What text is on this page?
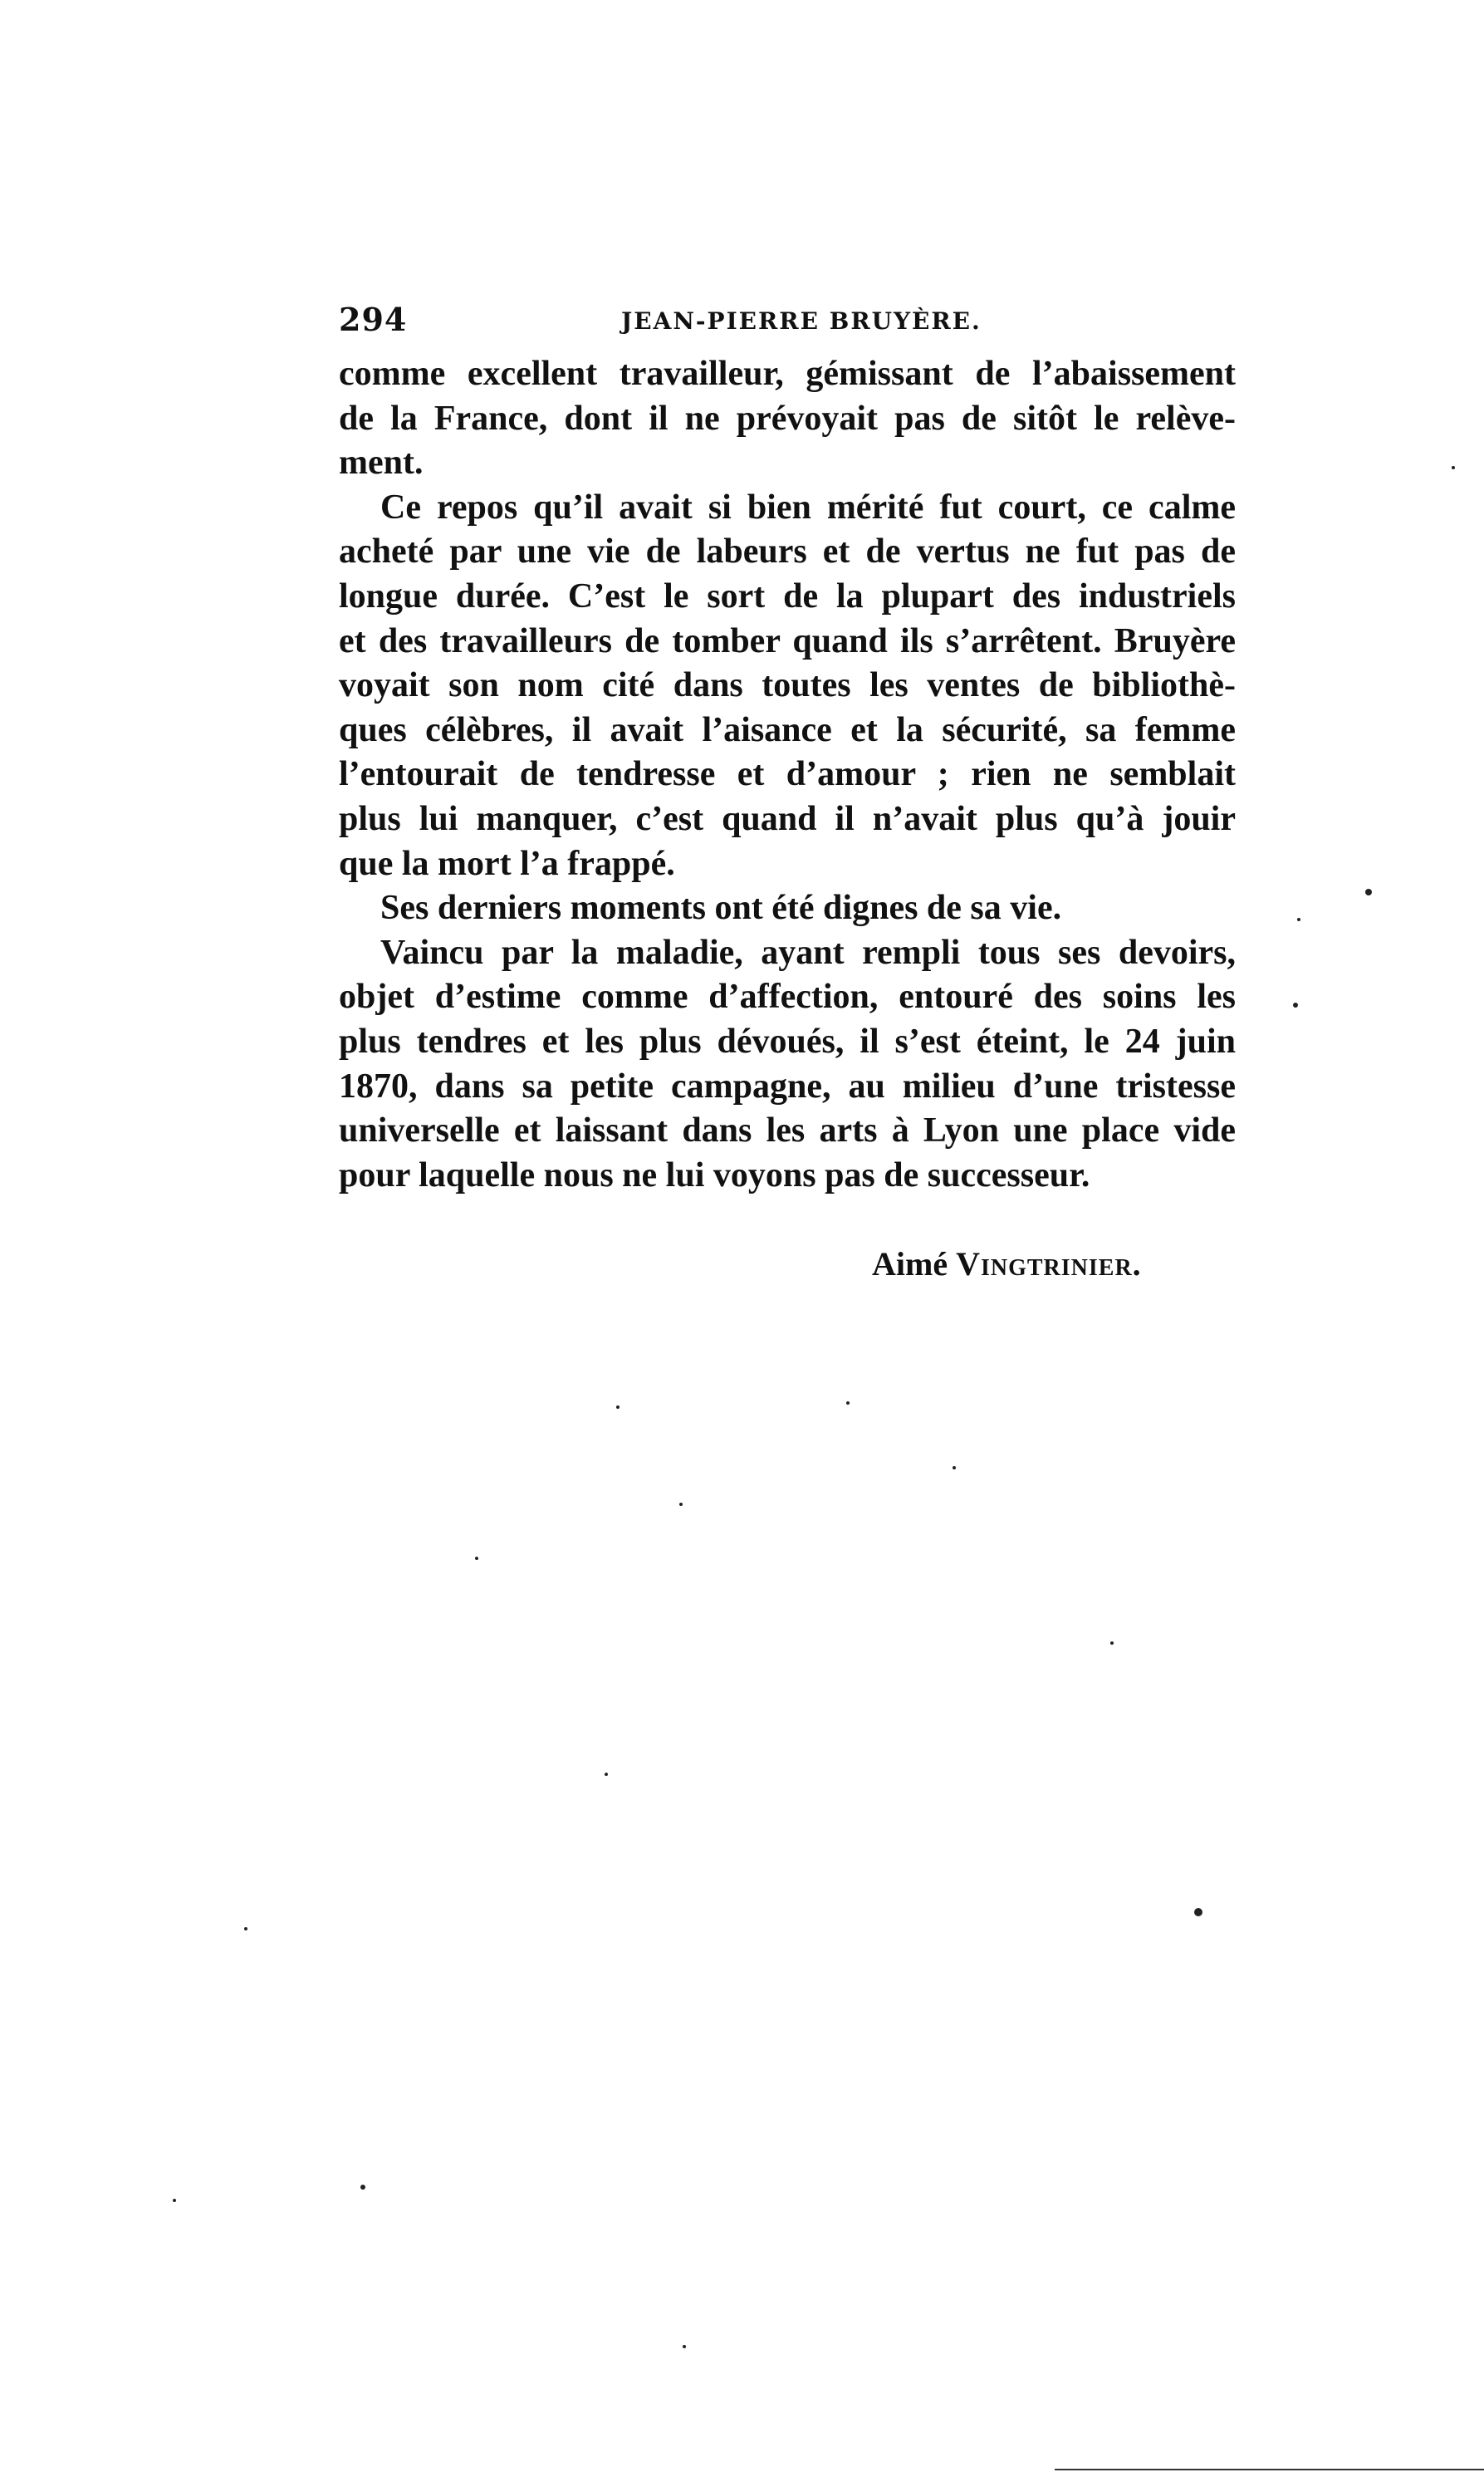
294	JEAN-PIERRE BRUYÈRE.

comme excellent travailleur, gémissant de l’abaissement
de la France, dont il ne prévoyait pas de sitôt le relève-

ment.

Ce repos qu’il avait si bien mérité fut court, ce calme
acheté par une vie de labeurs et de vertus ne fut pas de
longue durée. C’est le sort de la plupart des industriels
et des travailleurs de tomber quand ils s’arrêtent. Bruyère
voyait son nom cité dans toutes les ventes de bibliothè-
ques célèbres, il avait l’aisance et la sécurité, sa femme
l’entourait de tendresse et d’amour ; rien ne semblait
plus lui manquer, c’est quand il n’avait plus qu’à jouir

que la mort l’a frappé.

Ses derniers moments ont été dignes de sa vie.

Vaincu par la maladie, ayant rempli tous ses devoirs,
objet d’estime comme d’affection, entouré des soins les
plus tendres et les plus dévoués, il s’est éteint, le 24 juin
1870, dans sa petite campagne, au milieu d’une tristesse
universelle et laissant dans les arts à Lyon une place vide

pour laquelle nous ne lui voyons pas de successeur.

Aimé Vingtrinier.
